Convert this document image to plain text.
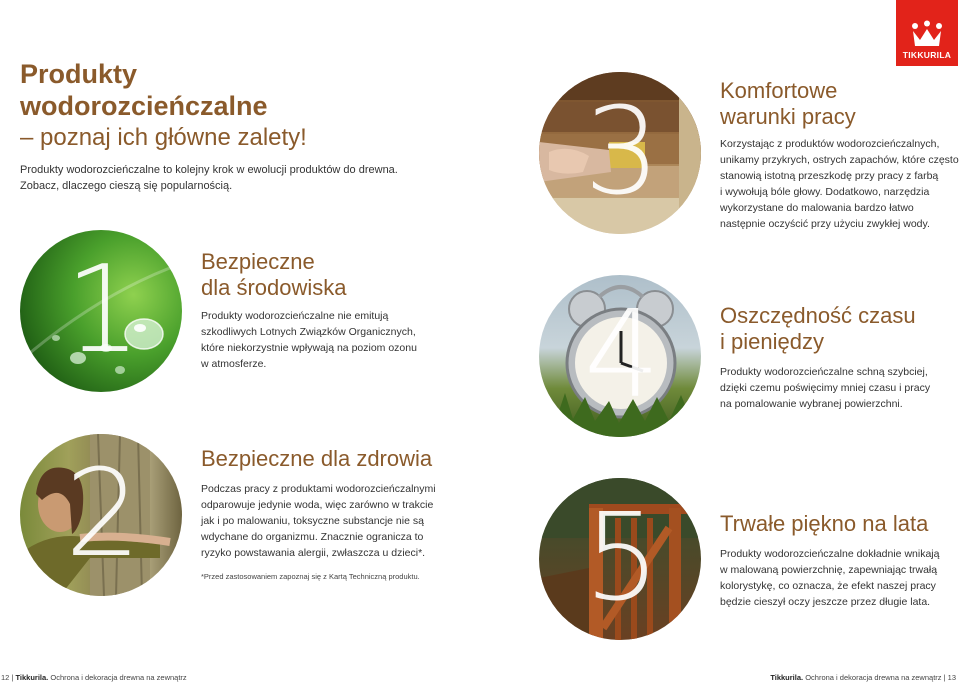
Produkty wodorozcieńczalne
– poznaj ich główne zalety!
Produkty wodorozcieńczalne to kolejny krok w ewolucji produktów do drewna.
Zobacz, dlaczego cieszą się popularnością.
TIKKURILA
1	Bezpieczne
dla środowiska
Produkty wodorozcieńczalne nie emitują
szkodliwych Lotnych Związków Organicznych,
które niekorzystnie wpływają na poziom ozonu
w atmosferze.
2	Bezpieczne dla zdrowia
Podczas pracy z produktami wodorozcieńczalnymi
odparowuje jedynie woda, więc zarówno w trakcie
jak i po malowaniu, toksyczne substancje nie są
wdychane do organizmu. Znacznie ogranicza to
ryzyko powstawania alergii, zwłaszcza u dzieci*.
*Przed zastosowaniem zapoznaj się z Kartą Techniczną produktu.
3	Komfortowe
warunki pracy
Korzystając z produktów wodorozcieńczalnych,
unikamy przykrych, ostrych zapachów, które często
stanowią istotną przeszkodę przy pracy z farbą
i wywołują bóle głowy. Dodatkowo, narzędzia
wykorzystane do malowania bardzo łatwo
następnie oczyścić przy użyciu zwykłej wody.
4	Oszczędność czasu
i pieniędzy
Produkty wodorozcieńczalne schną szybciej,
dzięki czemu poświęcimy mniej czasu i pracy
na pomalowanie wybranej powierzchni.
5	Trwałe piękno na lata
Produkty wodorozcieńczalne dokładnie wnikają
w malowaną powierzchnię, zapewniając trwałą
kolorystykę, co oznacza, że efekt naszej pracy
będzie cieszył oczy jeszcze przez długie lata.
12 | Tikkurila. Ochrona i dekoracja drewna na zewnątrz	Tikkurila. Ochrona i dekoracja drewna na zewnątrz | 13
